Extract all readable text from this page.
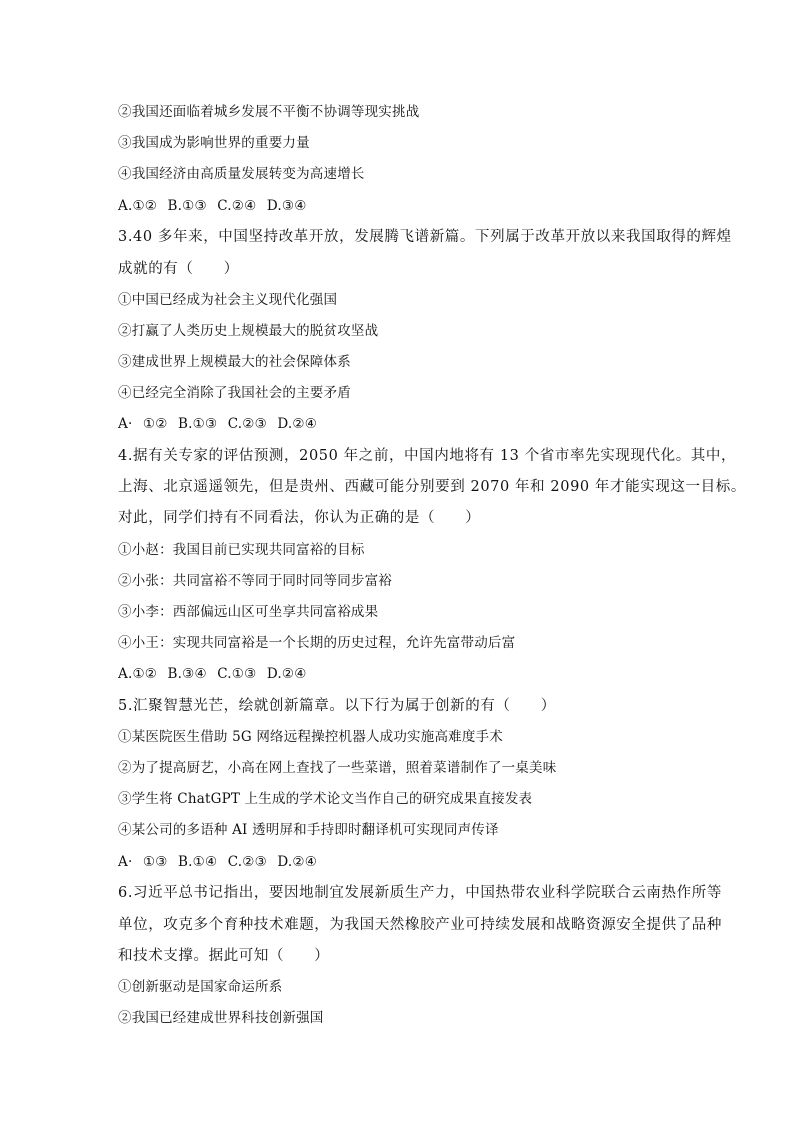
②我国还面临着城乡发展不平衡不协调等现实挑战
③我国成为影响世界的重要力量
④我国经济由高质量发展转变为高速增长
A.①② B.①③ C.②④ D.③④
3.40 多年来，中国坚持改革开放，发展腾飞谱新篇。下列属于改革开放以来我国取得的辉煌
成就的有（　　）
①中国已经成为社会主义现代化强国
②打赢了人类历史上规模最大的脱贫攻坚战
③建成世界上规模最大的社会保障体系
④已经完全消除了我国社会的主要矛盾
A· ①② B.①③ C.②③ D.②④
4.据有关专家的评估预测，2050 年之前，中国内地将有 13 个省市率先实现现代化。其中，
上海、北京遥遥领先，但是贵州、西藏可能分别要到 2070 年和 2090 年才能实现这一目标。
对此，同学们持有不同看法，你认为正确的是（　　）
①小赵：我国目前已实现共同富裕的目标
②小张：共同富裕不等同于同时同等同步富裕
③小李：西部偏远山区可坐享共同富裕成果
④小王：实现共同富裕是一个长期的历史过程，允许先富带动后富
A.①② B.③④ C.①③ D.②④
5.汇聚智慧光芒，绘就创新篇章。以下行为属于创新的有（　　）
①某医院医生借助 5G 网络远程操控机器人成功实施高难度手术
②为了提高厨艺，小高在网上查找了一些菜谱，照着菜谱制作了一桌美味
③学生将 ChatGPT 上生成的学术论文当作自己的研究成果直接发表
④某公司的多语种 AI 透明屏和手持即时翻译机可实现同声传译
A· ①③ B.①④ C.②③ D.②④
6.习近平总书记指出，要因地制宜发展新质生产力，中国热带农业科学院联合云南热作所等
单位，攻克多个育种技术难题，为我国天然橡胶产业可持续发展和战略资源安全提供了品种
和技术支撑。据此可知（　　）
①创新驱动是国家命运所系
②我国已经建成世界科技创新强国
